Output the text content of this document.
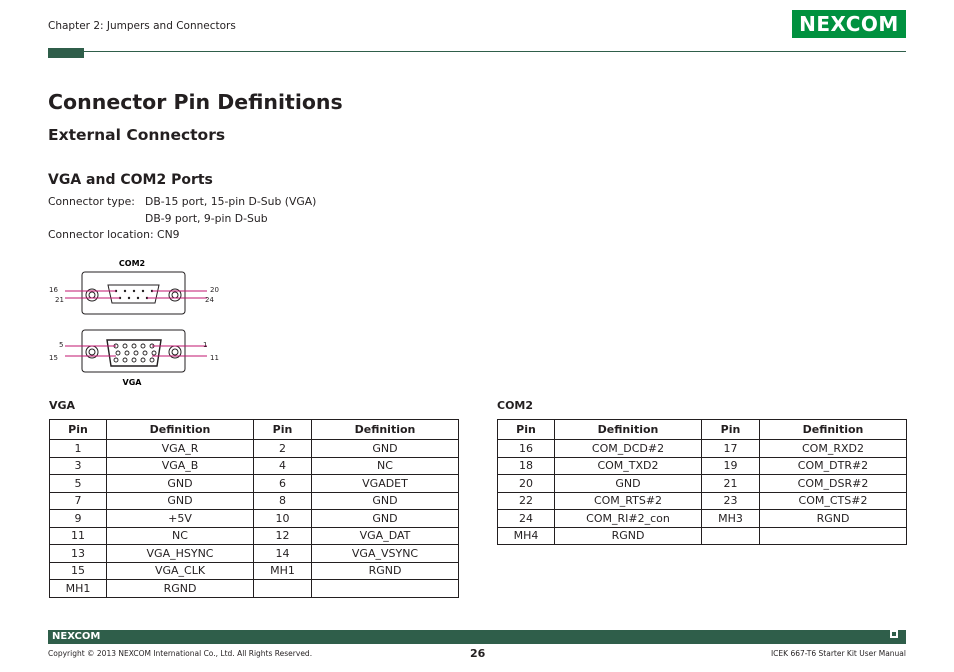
Chapter 2: Jumpers and Connectors	NEXCOM
Connector Pin Definitions
External Connectors
VGA and COM2 Ports
Connector type: DB-15 port, 15-pin D-Sub (VGA)
DB-9 port, 9-pin D-Sub
Connector location: CN9
COM2
16
21
20
24
5
15
1
11
VGA
VGA
Pin	Definition	Pin	Definition
1	VGA_R	2	GND
3	VGA_B	4	NC
5	GND	6	VGADET
7	GND	8	GND
9	+5V	10	GND
11	NC	12	VGA_DAT
13	VGA_HSYNC	14	VGA_VSYNC
15	VGA_CLK	MH1	RGND
MH1	RGND		
COM2
Pin	Definition	Pin	Definition
16	COM_DCD#2	17	COM_RXD2
18	COM_TXD2	19	COM_DTR#2
20	GND	21	COM_DSR#2
22	COM_RTS#2	23	COM_CTS#2
24	COM_RI#2_con	MH3	RGND
MH4	RGND		
NEXCOM
Copyright © 2013 NEXCOM International Co., Ltd. All Rights Reserved.	26	ICEK 667-T6 Starter Kit User Manual
